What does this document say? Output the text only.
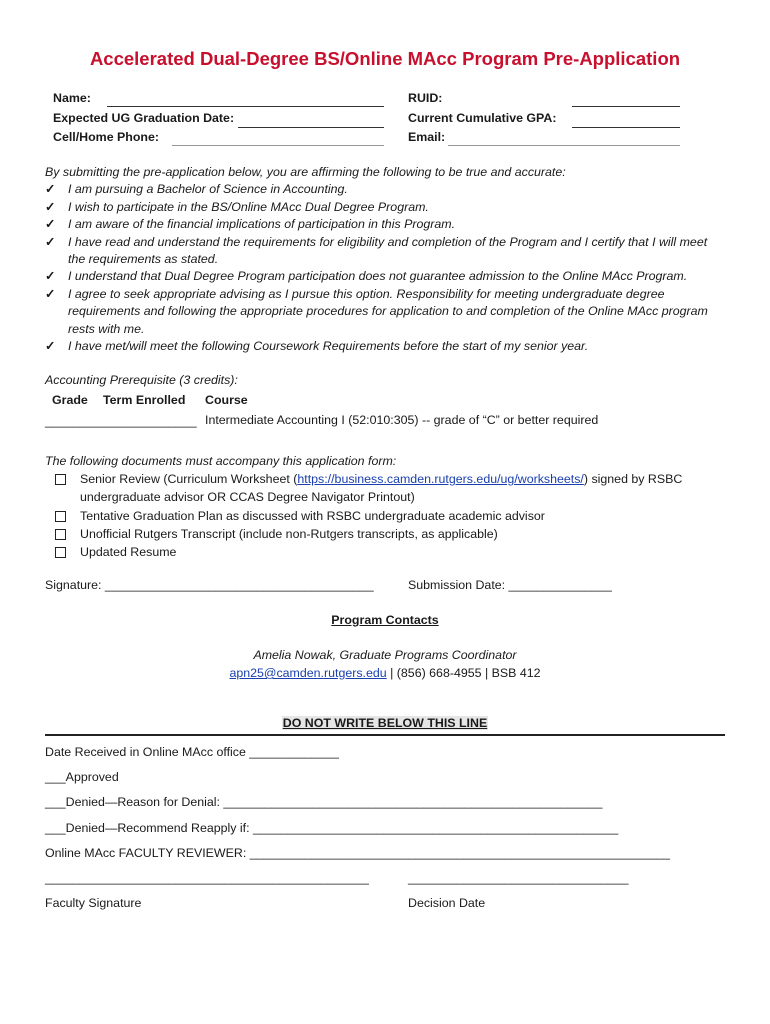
Accelerated Dual-Degree BS/Online MAcc Program Pre-Application
Name:	RUID:
Expected UG Graduation Date:	Current Cumulative GPA:
Cell/Home Phone:	Email:
By submitting the pre-application below, you are affirming the following to be true and accurate:
✓ I am pursuing a Bachelor of Science in Accounting.
✓ I wish to participate in the BS/Online MAcc Dual Degree Program.
✓ I am aware of the financial implications of participation in this Program.
✓ I have read and understand the requirements for eligibility and completion of the Program and I certify that I will meet the requirements as stated.
✓ I understand that Dual Degree Program participation does not guarantee admission to the Online MAcc Program.
✓ I agree to seek appropriate advising as I pursue this option. Responsibility for meeting undergraduate degree requirements and following the appropriate procedures for application to and completion of the Online MAcc program rests with me.
✓ I have met/will meet the following Coursework Requirements before the start of my senior year.
Accounting Prerequisite (3 credits):
Grade Term Enrolled Course
______________________ Intermediate Accounting I (52:010:305) -- grade of “C” or better required
The following documents must accompany this application form:
Senior Review (Curriculum Worksheet (https://business.camden.rutgers.edu/ug/worksheets/) signed by RSBC
undergraduate advisor OR CCAS Degree Navigator Printout)
Tentative Graduation Plan as discussed with RSBC undergraduate academic advisor
Unofficial Rutgers Transcript (include non-Rutgers transcripts, as applicable)
Updated Resume
Signature: _______________________________________	Submission Date: _______________
Program Contacts
Amelia Nowak, Graduate Programs Coordinator
apn25@camden.rutgers.edu | (856) 668-4955 | BSB 412
DO NOT WRITE BELOW THIS LINE
Date Received in Online MAcc office _____________
___Approved
___Denied—Reason for Denial: _______________________________________________________
___Denied—Recommend Reapply if: _____________________________________________________
Online MAcc FACULTY REVIEWER: _____________________________________________________________
_______________________________________________	________________________________
Faculty Signature	Decision Date
